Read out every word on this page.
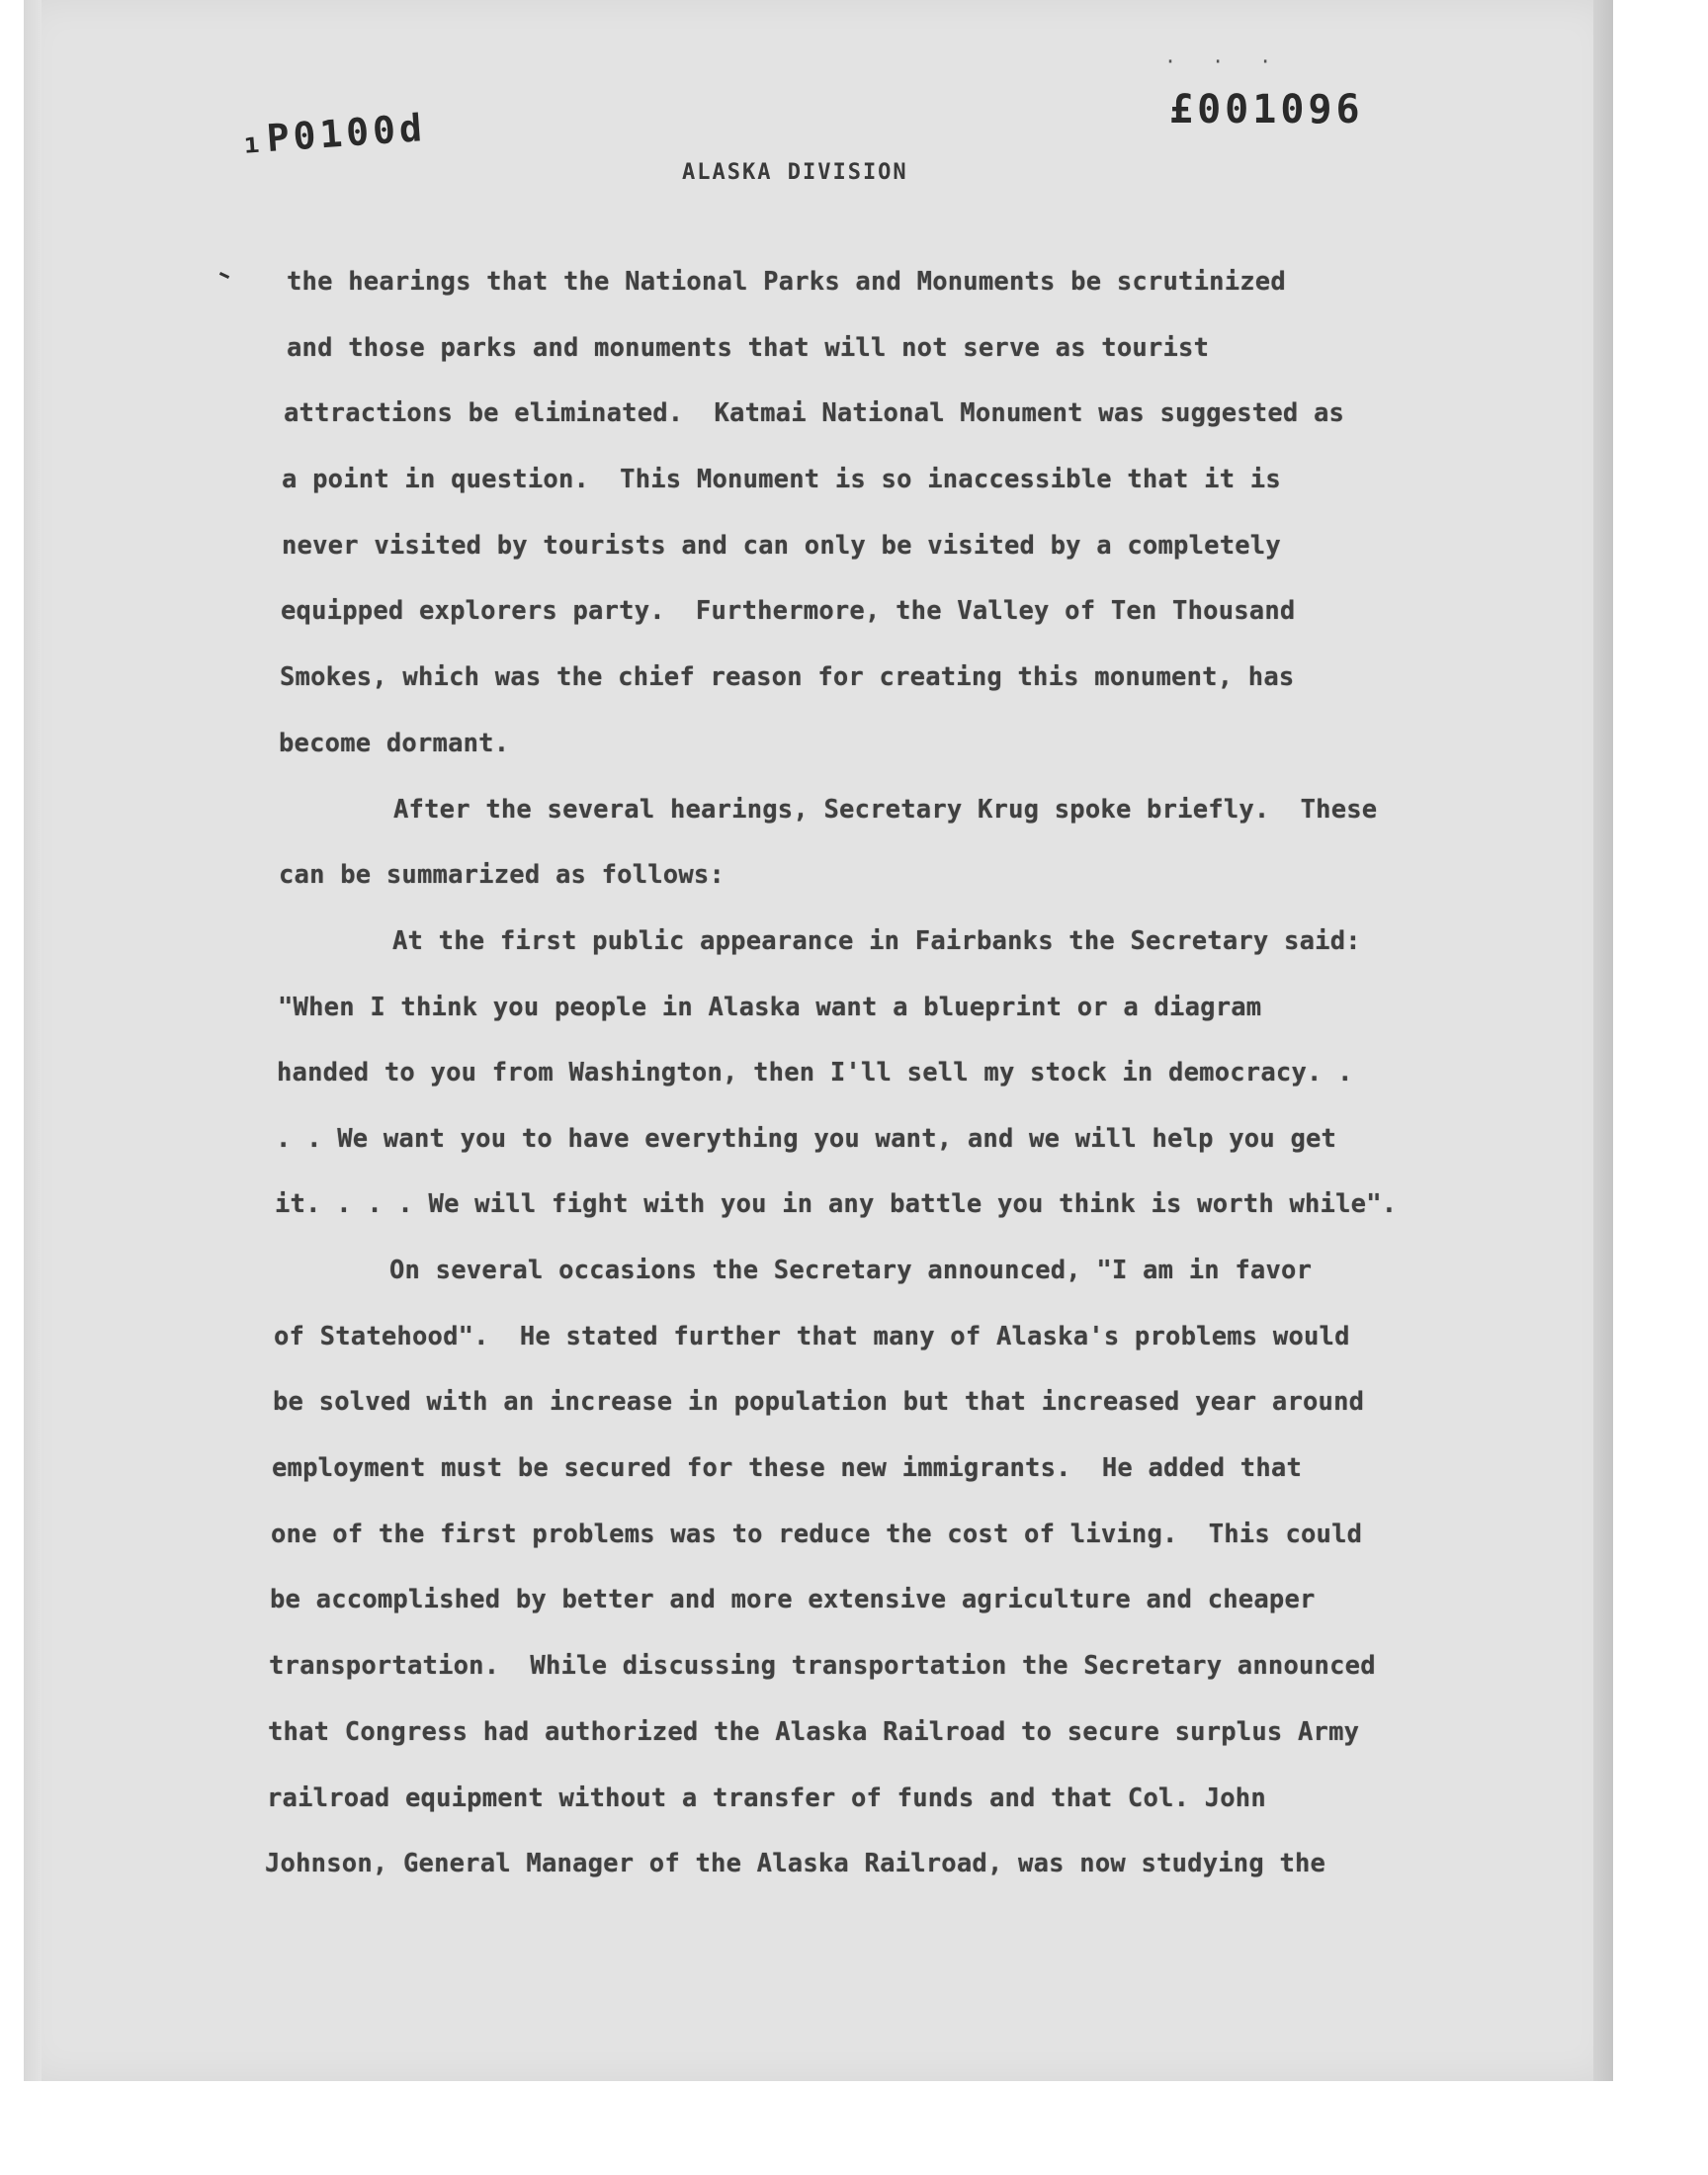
· · ·
₁P0100d	£001096
ALASKA DIVISION
the hearings that the National Parks and Monuments be scrutinized
and those parks and monuments that will not serve as tourist
attractions be eliminated.  Katmai National Monument was suggested as
a point in question.  This Monument is so inaccessible that it is
never visited by tourists and can only be visited by a completely
equipped explorers party.  Furthermore, the Valley of Ten Thousand
Smokes, which was the chief reason for creating this monument, has
become dormant.
After the several hearings, Secretary Krug spoke briefly.  These
can be summarized as follows:
At the first public appearance in Fairbanks the Secretary said:
"When I think you people in Alaska want a blueprint or a diagram
handed to you from Washington, then I'll sell my stock in democracy. .
. . We want you to have everything you want, and we will help you get
it. . . . We will fight with you in any battle you think is worth while".
On several occasions the Secretary announced, "I am in favor
of Statehood".  He stated further that many of Alaska's problems would
be solved with an increase in population but that increased year around
employment must be secured for these new immigrants.  He added that
one of the first problems was to reduce the cost of living.  This could
be accomplished by better and more extensive agriculture and cheaper
transportation.  While discussing transportation the Secretary announced
that Congress had authorized the Alaska Railroad to secure surplus Army
railroad equipment without a transfer of funds and that Col. John
Johnson, General Manager of the Alaska Railroad, was now studying the
